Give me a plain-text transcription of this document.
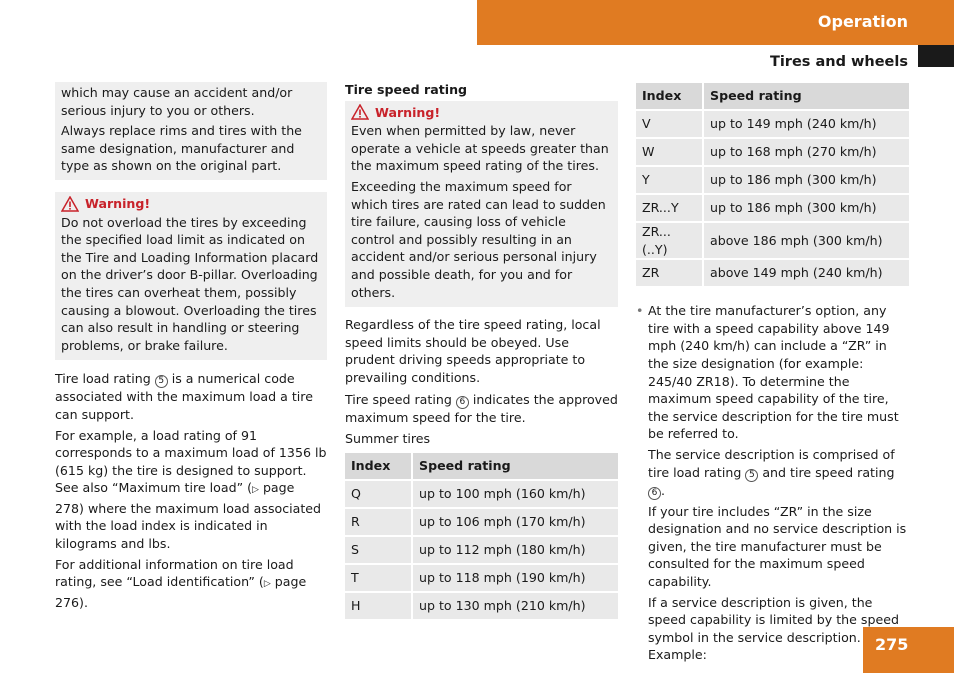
Operation
Tires and wheels

which may cause an accident and/or serious injury to you or others.

Always replace rims and tires with the same designation, manufacturer and type as shown on the original part.

Warning!

Do not overload the tires by exceeding the specified load limit as indicated on the Tire and Loading Information placard on the driver’s door B-pillar. Overloading the tires can overheat them, possibly causing a blowout. Overloading the tires can also result in handling or steering problems, or brake failure.

Tire load rating 5 is a numerical code associated with the maximum load a tire can support.

For example, a load rating of 91 corresponds to a maximum load of 1356 lb (615 kg) the tire is designed to support. See also “Maximum tire load” (▷ page 278) where the maximum load associated with the load index is indicated in kilograms and lbs.

For additional information on tire load rating, see “Load identification” (▷ page 276).

Tire speed rating
Warning!

Even when permitted by law, never operate a vehicle at speeds greater than the maximum speed rating of the tires.

Exceeding the maximum speed for which tires are rated can lead to sudden tire failure, causing loss of vehicle control and possibly resulting in an accident and/or serious personal injury and possible death, for you and for others.

Regardless of the tire speed rating, local speed limits should be obeyed. Use prudent driving speeds appropriate to prevailing conditions.

Tire speed rating 6 indicates the approved maximum speed for the tire.

Summer tires

Index	Speed rating
Q	up to 100 mph (160 km/h)
R	up to 106 mph (170 km/h)
S	up to 112 mph (180 km/h)
T	up to 118 mph (190 km/h)
H	up to 130 mph (210 km/h)
Index	Speed rating
V	up to 149 mph (240 km/h)
W	up to 168 mph (270 km/h)
Y	up to 186 mph (300 km/h)
ZR...Y	up to 186 mph (300 km/h)
ZR...(..Y)	above 186 mph (300 km/h)
ZR	above 149 mph (240 km/h)
• At the tire manufacturer’s option, any tire with a speed capability above 149 mph (240 km/h) can include a “ZR” in the size designation (for example: 245/40 ZR18). To determine the maximum speed capability of the tire, the service description for the tire must be referred to.

The service description is comprised of tire load rating 5 and tire speed rating 6 .

If your tire includes “ZR” in the size designation and no service description is given, the tire manufacturer must be consulted for the maximum speed capability.

If a service description is given, the speed capability is limited by the speed symbol in the service description. Example:

275
